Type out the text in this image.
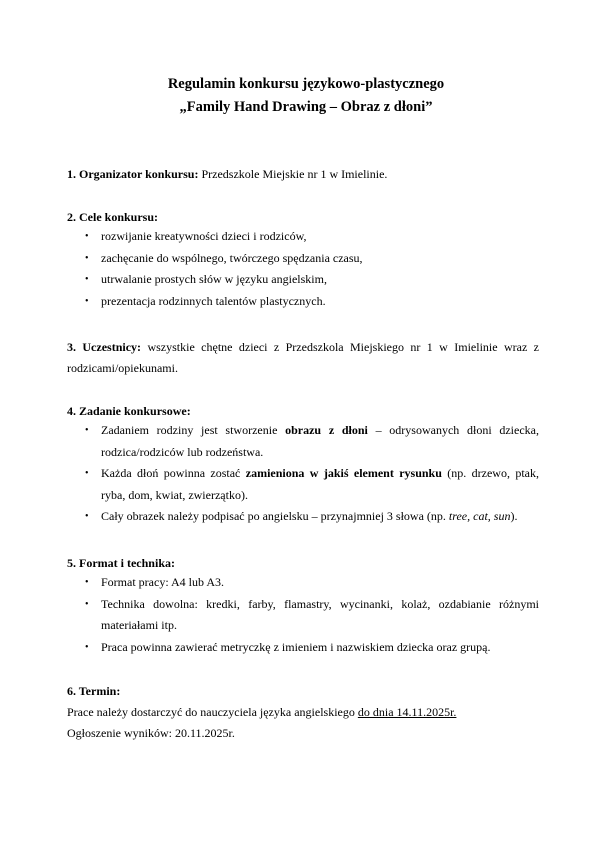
Regulamin konkursu językowo-plastycznego
„Family Hand Drawing – Obraz z dłoni”
1. Organizator konkursu: Przedszkole Miejskie nr 1 w Imielinie.
2. Cele konkursu:
• rozwijanie kreatywności dzieci i rodziców,
• zachęcanie do wspólnego, twórczego spędzania czasu,
• utrwalanie prostych słów w języku angielskim,
• prezentacja rodzinnych talentów plastycznych.
3. Uczestnicy: wszystkie chętne dzieci z Przedszkola Miejskiego nr 1 w Imielinie wraz z rodzicami/opiekunami.
4. Zadanie konkursowe:
• Zadaniem rodziny jest stworzenie obrazu z dłoni – odrysowanych dłoni dziecka, rodzica/rodziców lub rodzeństwa.
• Każda dłoń powinna zostać zamieniona w jakiś element rysunku (np. drzewo, ptak, ryba, dom, kwiat, zwierzątko).
• Cały obrazek należy podpisać po angielsku – przynajmniej 3 słowa (np. tree, cat, sun).
5. Format i technika:
• Format pracy: A4 lub A3.
• Technika dowolna: kredki, farby, flamastry, wycinanki, kolaż, ozdabianie różnymi materiałami itp.
• Praca powinna zawierać metryczkę z imieniem i nazwiskiem dziecka oraz grupą.
6. Termin:
Prace należy dostarczyć do nauczyciela języka angielskiego do dnia 14.11.2025r.
Ogłoszenie wyników: 20.11.2025r.
